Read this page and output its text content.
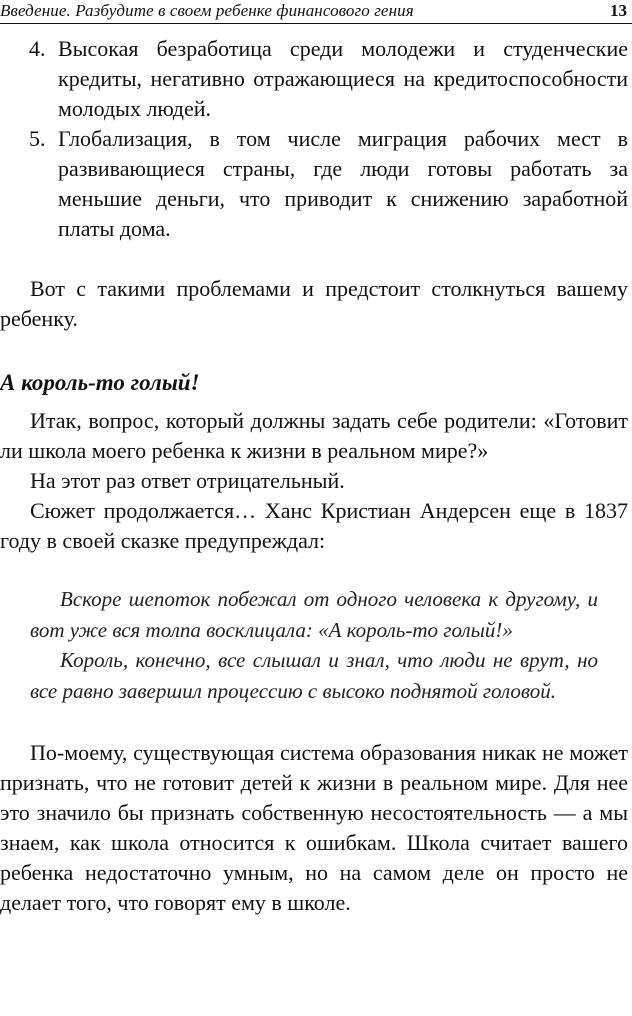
Введение. Разбудите в своем ребенке финансового гения	13
4. Высокая безработица среди молодежи и студенческие кредиты, негативно отражающиеся на кредитоспособности молодых людей.
5. Глобализация, в том числе миграция рабочих мест в развивающиеся страны, где люди готовы работать за меньшие деньги, что приводит к снижению заработной платы дома.

Вот с такими проблемами и предстоит столкнуться вашему ребенку.

А король-то голый!

Итак, вопрос, который должны задать себе родители: «Готовит ли школа моего ребенка к жизни в реальном мире?»

На этот раз ответ отрицательный.

Сюжет продолжается… Ханс Кристиан Андерсен еще в 1837 году в своей сказке предупреждал:

Вскоре шепоток побежал от одного человека к другому, и вот уже вся толпа восклицала: «А король-то голый!»

Король, конечно, все слышал и знал, что люди не врут, но все равно завершил процессию с высоко поднятой головой.

По-моему, существующая система образования никак не может признать, что не готовит детей к жизни в реальном мире. Для нее это значило бы признать собственную несостоятельность — а мы знаем, как школа относится к ошибкам. Школа считает вашего ребенка недостаточно умным, но на самом деле он просто не делает того, что говорят ему в школе.
